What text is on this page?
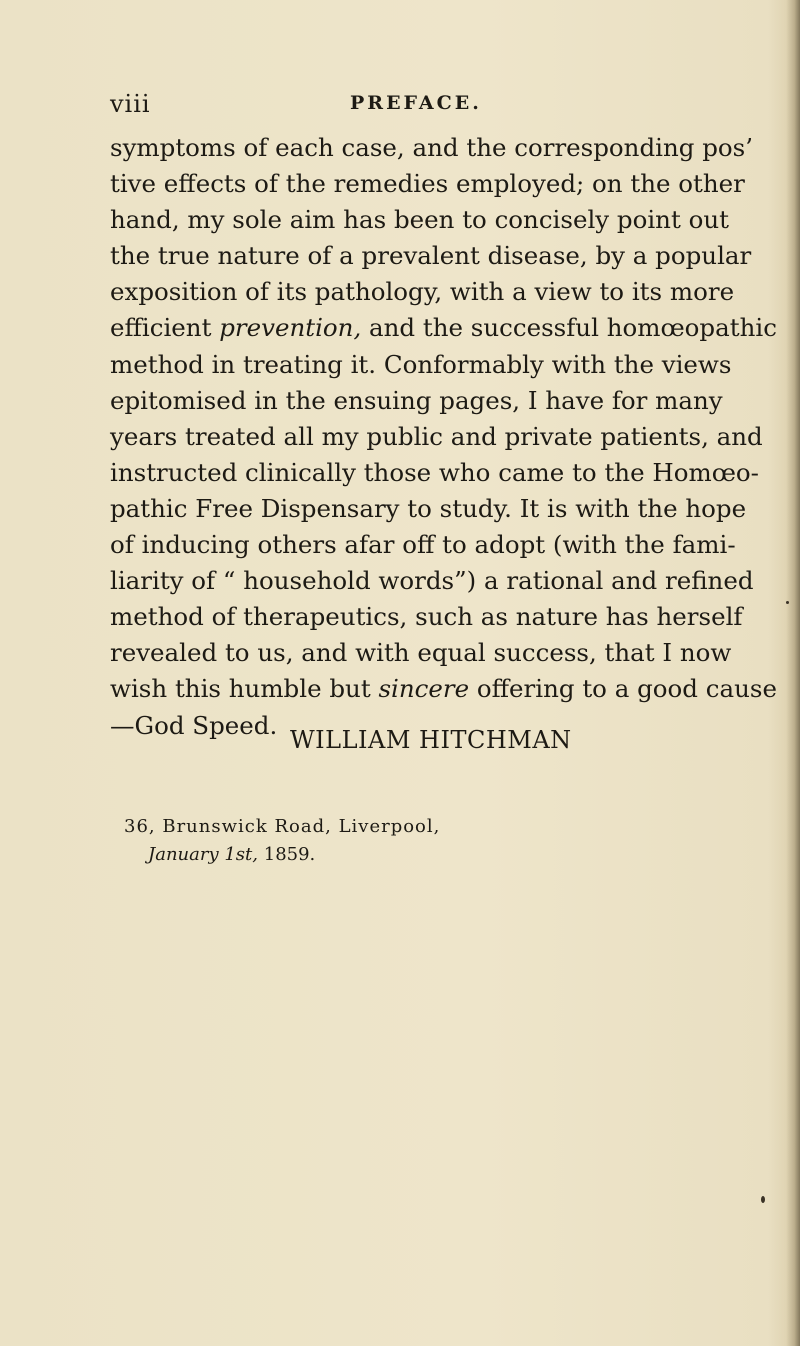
viii	PREFACE.
symptoms of each case, and the corresponding pos’
tive effects of the remedies employed; on the other
hand, my sole aim has been to concisely point out
the true nature of a prevalent disease, by a popular
exposition of its pathology, with a view to its more
efficient prevention, and the successful homœopathic
method in treating it. Conformably with the views
epitomised in the ensuing pages, I have for many
years treated all my public and private patients, and
instructed clinically those who came to the Homœo-
pathic Free Dispensary to study. It is with the hope
of inducing others afar off to adopt (with the fami-
liarity of “ household words”) a rational and refined
method of therapeutics, such as nature has herself
revealed to us, and with equal success, that I now
wish this humble but sincere offering to a good cause
—God Speed.
WILLIAM HITCHMAN
36, Brunswick Road, Liverpool,
January 1st, 1859.
